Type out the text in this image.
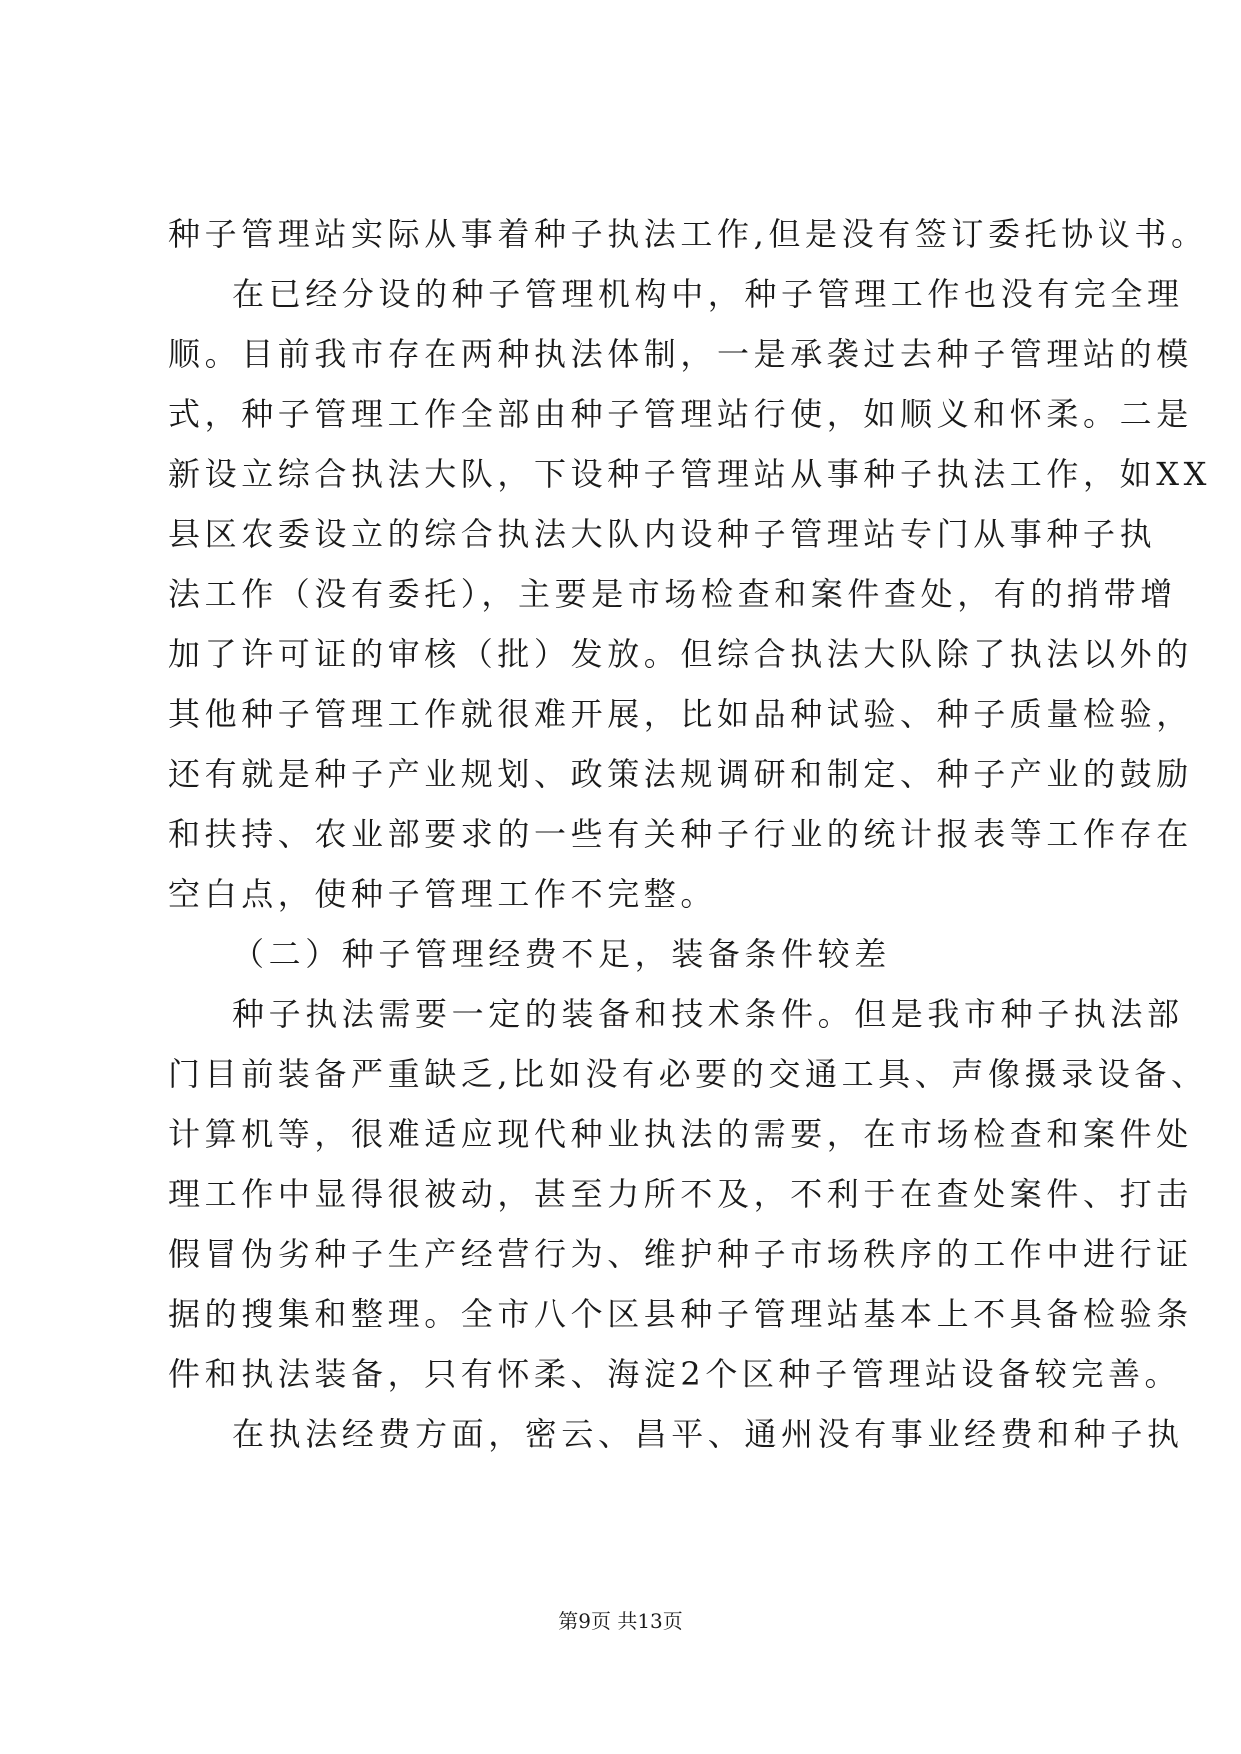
种子管理站实际从事着种子执法工作,但是没有签订委托协议书。
在已经分设的种子管理机构中，种子管理工作也没有完全理
顺。目前我市存在两种执法体制，一是承袭过去种子管理站的模
式，种子管理工作全部由种子管理站行使，如顺义和怀柔。二是
新设立综合执法大队，下设种子管理站从事种子执法工作，如XX
县区农委设立的综合执法大队内设种子管理站专门从事种子执
法工作（没有委托），主要是市场检查和案件查处，有的捎带增
加了许可证的审核（批）发放。但综合执法大队除了执法以外的
其他种子管理工作就很难开展，比如品种试验、种子质量检验，
还有就是种子产业规划、政策法规调研和制定、种子产业的鼓励
和扶持、农业部要求的一些有关种子行业的统计报表等工作存在
空白点，使种子管理工作不完整。
（二）种子管理经费不足，装备条件较差
种子执法需要一定的装备和技术条件。但是我市种子执法部
门目前装备严重缺乏,比如没有必要的交通工具、声像摄录设备、
计算机等，很难适应现代种业执法的需要，在市场检查和案件处
理工作中显得很被动，甚至力所不及，不利于在查处案件、打击
假冒伪劣种子生产经营行为、维护种子市场秩序的工作中进行证
据的搜集和整理。全市八个区县种子管理站基本上不具备检验条
件和执法装备，只有怀柔、海淀2个区种子管理站设备较完善。
在执法经费方面，密云、昌平、通州没有事业经费和种子执
第9页 共13页
